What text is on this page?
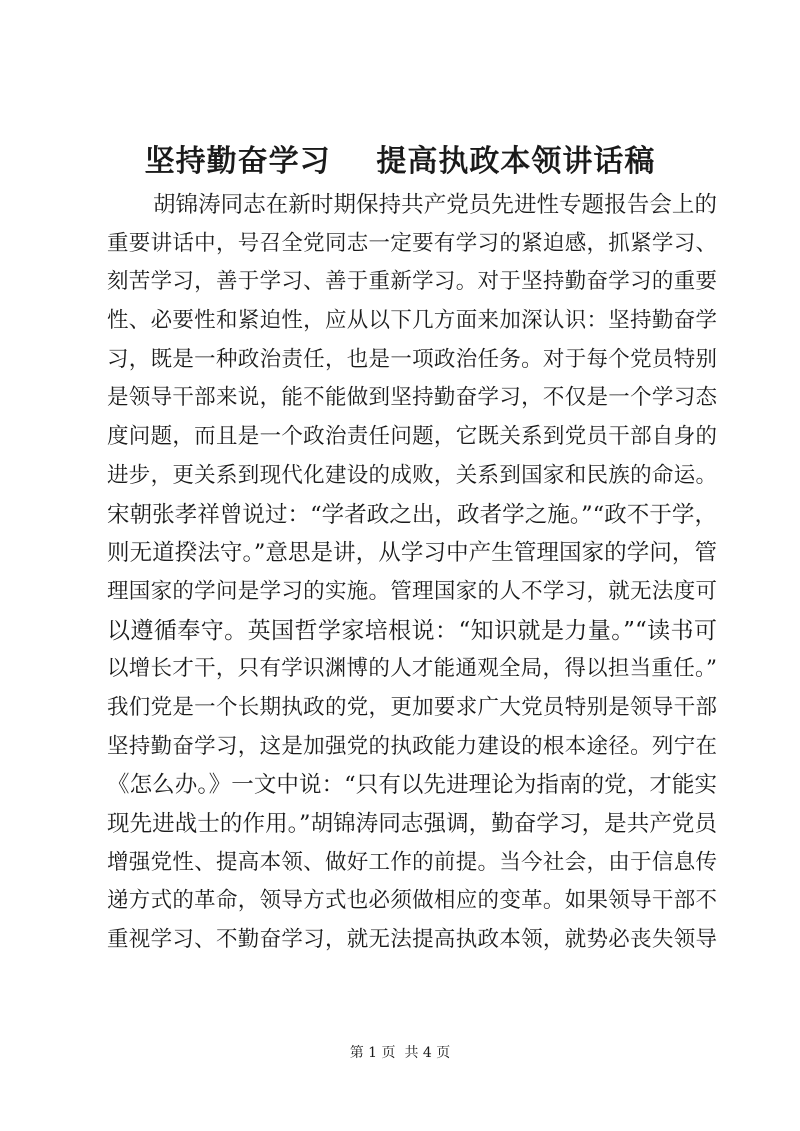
坚持勤奋学习    提高执政本领讲话稿
胡锦涛同志在新时期保持共产党员先进性专题报告会上的
重要讲话中，号召全党同志一定要有学习的紧迫感，抓紧学习、
刻苦学习，善于学习、善于重新学习。对于坚持勤奋学习的重要
性、必要性和紧迫性，应从以下几方面来加深认识：坚持勤奋学
习，既是一种政治责任，也是一项政治任务。对于每个党员特别
是领导干部来说，能不能做到坚持勤奋学习，不仅是一个学习态
度问题，而且是一个政治责任问题，它既关系到党员干部自身的
进步，更关系到现代化建设的成败，关系到国家和民族的命运。
宋朝张孝祥曾说过：“学者政之出，政者学之施。”“政不于学，
则无道揆法守。”意思是讲，从学习中产生管理国家的学问，管
理国家的学问是学习的实施。管理国家的人不学习，就无法度可
以遵循奉守。英国哲学家培根说：“知识就是力量。”“读书可
以增长才干，只有学识渊博的人才能通观全局，得以担当重任。”
我们党是一个长期执政的党，更加要求广大党员特别是领导干部
坚持勤奋学习，这是加强党的执政能力建设的根本途径。列宁在
《怎么办。》一文中说：“只有以先进理论为指南的党，才能实
现先进战士的作用。”胡锦涛同志强调，勤奋学习，是共产党员
增强党性、提高本领、做好工作的前提。当今社会，由于信息传
递方式的革命，领导方式也必须做相应的变革。如果领导干部不
重视学习、不勤奋学习，就无法提高执政本领，就势必丧失领导
第 1 页  共 4 页
